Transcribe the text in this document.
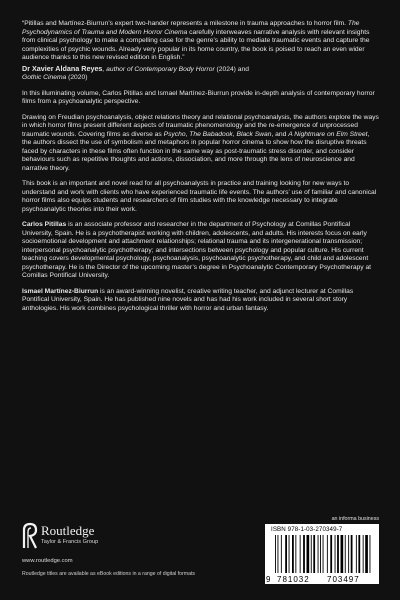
“Pitillas and Martínez-Biurrun’s expert two-hander represents a milestone in trauma approaches to horror film. The Psychodynamics of Trauma and Modern Horror Cinema carefully interweaves narrative analysis with relevant insights from clinical psychology to make a compelling case for the genre’s ability to mediate traumatic events and capture the complexities of psychic wounds. Already very popular in its home country, the book is poised to reach an even wider audience thanks to this new revised edition in English.”

Dr Xavier Aldana Reyes, author of Contemporary Body Horror (2024) and
Gothic Cinema (2020)

In this illuminating volume, Carlos Pitillas and Ismael Martínez-Biurrun provide in-depth analysis of contemporary horror films from a psychoanalytic perspective.

Drawing on Freudian psychoanalysis, object relations theory and relational psychoanalysis, the authors explore the ways in which horror films present different aspects of traumatic phenomenology and the re-emergence of unprocessed traumatic wounds. Covering films as diverse as Psycho, The Babadook, Black Swan, and A Nightmare on Elm Street, the authors dissect the use of symbolism and metaphors in popular horror cinema to show how the disruptive threats faced by characters in these films often function in the same way as post-traumatic stress disorder, and consider behaviours such as repetitive thoughts and actions, dissociation, and more through the lens of neuroscience and narrative theory.

This book is an important and novel read for all psychoanalysts in practice and training looking for new ways to understand and work with clients who have experienced traumatic life events. The authors’ use of familiar and canonical horror films also equips students and researchers of film studies with the knowledge necessary to integrate psychoanalytic theories into their work.

Carlos Pitillas is an associate professor and researcher in the department of Psychology at Comillas Pontifical University, Spain. He is a psychotherapist working with children, adolescents, and adults. His interests focus on early socioemotional development and attachment relationships; relational trauma and its intergenerational transmission; interpersonal psychoanalytic psychotherapy; and intersections between psychology and popular culture. His current teaching covers developmental psychology, psychoanalysis, psychoanalytic psychotherapy, and child and adolescent psychotherapy. He is the Director of the upcoming master’s degree in Psychoanalytic Contemporary Psychotherapy at Comillas Pontifical University.

Ismael Martínez-Biurrun is an award-winning novelist, creative writing teacher, and adjunct lecturer at Comillas Pontifical University, Spain. He has published nine novels and has had his work included in several short story anthologies. His work combines psychological thriller with horror and urban fantasy.

Routledge
Taylor & Francis Group
www.routledge.com
Routledge titles are available as eBook editions in a range of digital formats
an informa business
ISBN 978-1-03-270349-7
9 781032 703497
